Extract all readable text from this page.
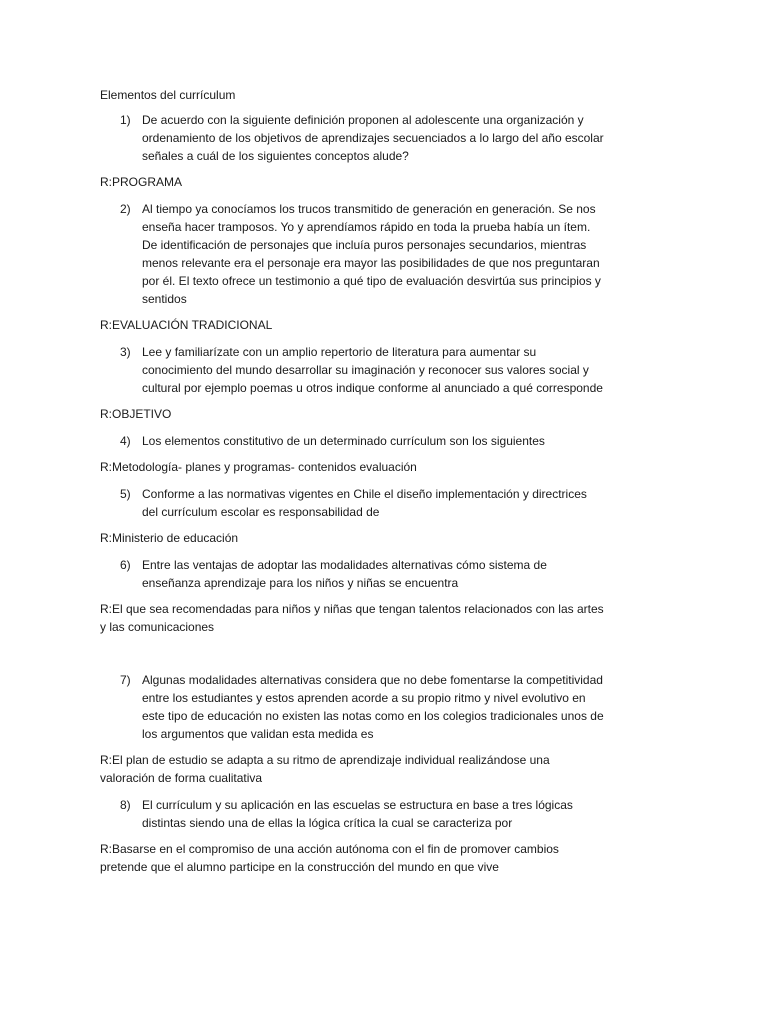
Elementos del currículum
1) De acuerdo con la siguiente definición proponen al adolescente una organización y ordenamiento de los objetivos de aprendizajes secuenciados a lo largo del año escolar señales a cuál de los siguientes conceptos alude?
R:PROGRAMA
2) Al tiempo ya conocíamos los trucos transmitido de generación en generación. Se nos enseña hacer tramposos. Yo y aprendíamos rápido en toda la prueba había un ítem. De identificación de personajes que incluía puros personajes secundarios, mientras menos relevante era el personaje era mayor las posibilidades de que nos preguntaran por él. El texto ofrece un testimonio a qué tipo de evaluación desvirtúa sus principios y sentidos
R:EVALUACIÓN TRADICIONAL
3) Lee y familiarízate con un amplio repertorio de literatura para aumentar su conocimiento del mundo desarrollar su imaginación y reconocer sus valores social y cultural por ejemplo poemas u otros indique conforme al anunciado a qué corresponde
R:OBJETIVO
4) Los elementos constitutivo de un determinado currículum son los siguientes
R:Metodología- planes y programas- contenidos evaluación
5) Conforme a las normativas vigentes en Chile el diseño implementación y directrices del currículum escolar es responsabilidad de
R:Ministerio de educación
6) Entre las ventajas de adoptar las modalidades alternativas cómo sistema de enseñanza aprendizaje para los niños y niñas se encuentra
R:El que sea recomendadas para niños y niñas que tengan talentos relacionados con las artes y las comunicaciones
7) Algunas modalidades alternativas considera que no debe fomentarse la competitividad entre los estudiantes y estos aprenden acorde a su propio ritmo y nivel evolutivo en este tipo de educación no existen las notas como en los colegios tradicionales unos de los argumentos que validan esta medida es
R:El plan de estudio se adapta a su ritmo de aprendizaje individual realizándose una valoración de forma cualitativa
8) El currículum y su aplicación en las escuelas se estructura en base a tres lógicas distintas siendo una de ellas la lógica crítica la cual se caracteriza por
R:Basarse en el compromiso de una acción autónoma con el fin de promover cambios pretende que el alumno participe en la construcción del mundo en que vive
